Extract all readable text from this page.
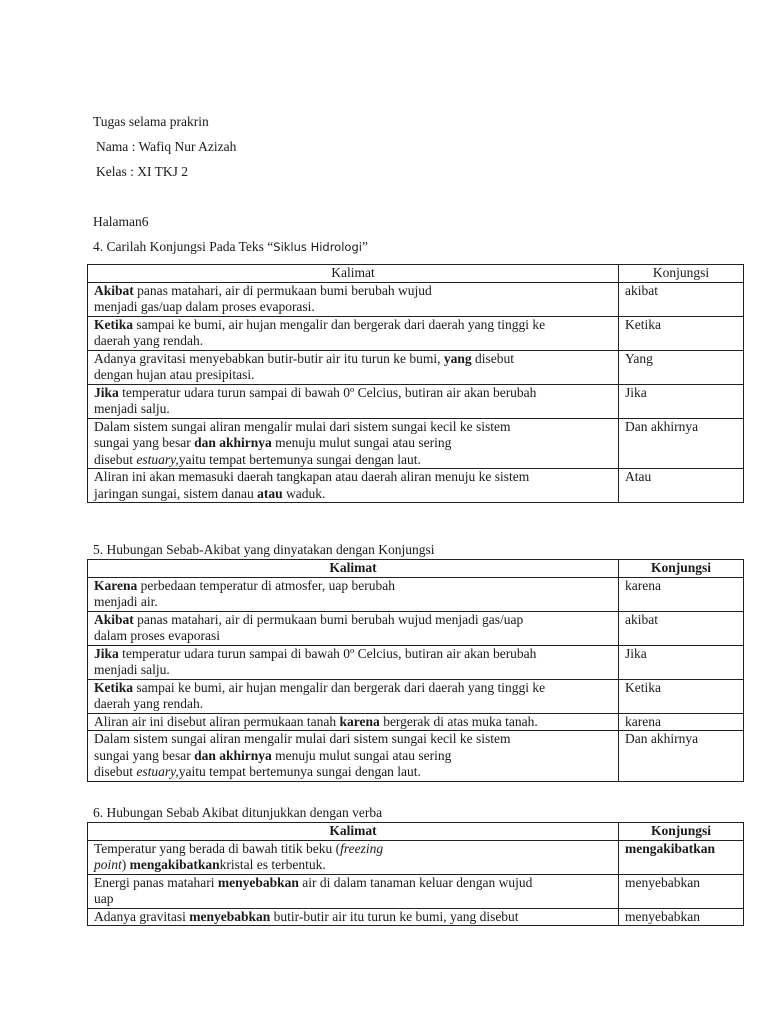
Tugas selama prakrin
Nama : Wafiq Nur Azizah
Kelas : XI TKJ 2
Halaman6
4. Carilah Konjungsi Pada Teks “Siklus Hidrologi”
Kalimat	Konjungsi
Akibat panas matahari, air di permukaan bumi berubah wujud
menjadi gas/uap dalam proses evaporasi.	akibat
Ketika sampai ke bumi, air hujan mengalir dan bergerak dari daerah yang tinggi ke
daerah yang rendah.	Ketika
Adanya gravitasi menyebabkan butir-butir air itu turun ke bumi, yang disebut
dengan hujan atau presipitasi.	Yang
Jika temperatur udara turun sampai di bawah 0º Celcius, butiran air akan berubah
menjadi salju.	Jika
Dalam sistem sungai aliran mengalir mulai dari sistem sungai kecil ke sistem
sungai yang besar dan akhirnya menuju mulut sungai atau sering
disebut estuary,yaitu tempat bertemunya sungai dengan laut.	Dan akhirnya
Aliran ini akan memasuki daerah tangkapan atau daerah aliran menuju ke sistem
jaringan sungai, sistem danau atau waduk.	Atau
5. Hubungan Sebab-Akibat yang dinyatakan dengan Konjungsi
Kalimat	Konjungsi
Karena perbedaan temperatur di atmosfer, uap berubah
menjadi air.	karena
Akibat panas matahari, air di permukaan bumi berubah wujud menjadi gas/uap
dalam proses evaporasi	akibat
Jika temperatur udara turun sampai di bawah 0º Celcius, butiran air akan berubah
menjadi salju.	Jika
Ketika sampai ke bumi, air hujan mengalir dan bergerak dari daerah yang tinggi ke
daerah yang rendah.	Ketika
Aliran air ini disebut aliran permukaan tanah karena bergerak di atas muka tanah.	karena
Dalam sistem sungai aliran mengalir mulai dari sistem sungai kecil ke sistem
sungai yang besar dan akhirnya menuju mulut sungai atau sering
disebut estuary,yaitu tempat bertemunya sungai dengan laut.	Dan akhirnya
6. Hubungan Sebab Akibat ditunjukkan dengan verba
Kalimat	Konjungsi
Temperatur yang berada di bawah titik beku (freezing
point) mengakibatkankristal es terbentuk.	mengakibatkan
Energi panas matahari menyebabkan air di dalam tanaman keluar dengan wujud
uap	menyebabkan
Adanya gravitasi menyebabkan butir-butir air itu turun ke bumi, yang disebut	menyebabkan
